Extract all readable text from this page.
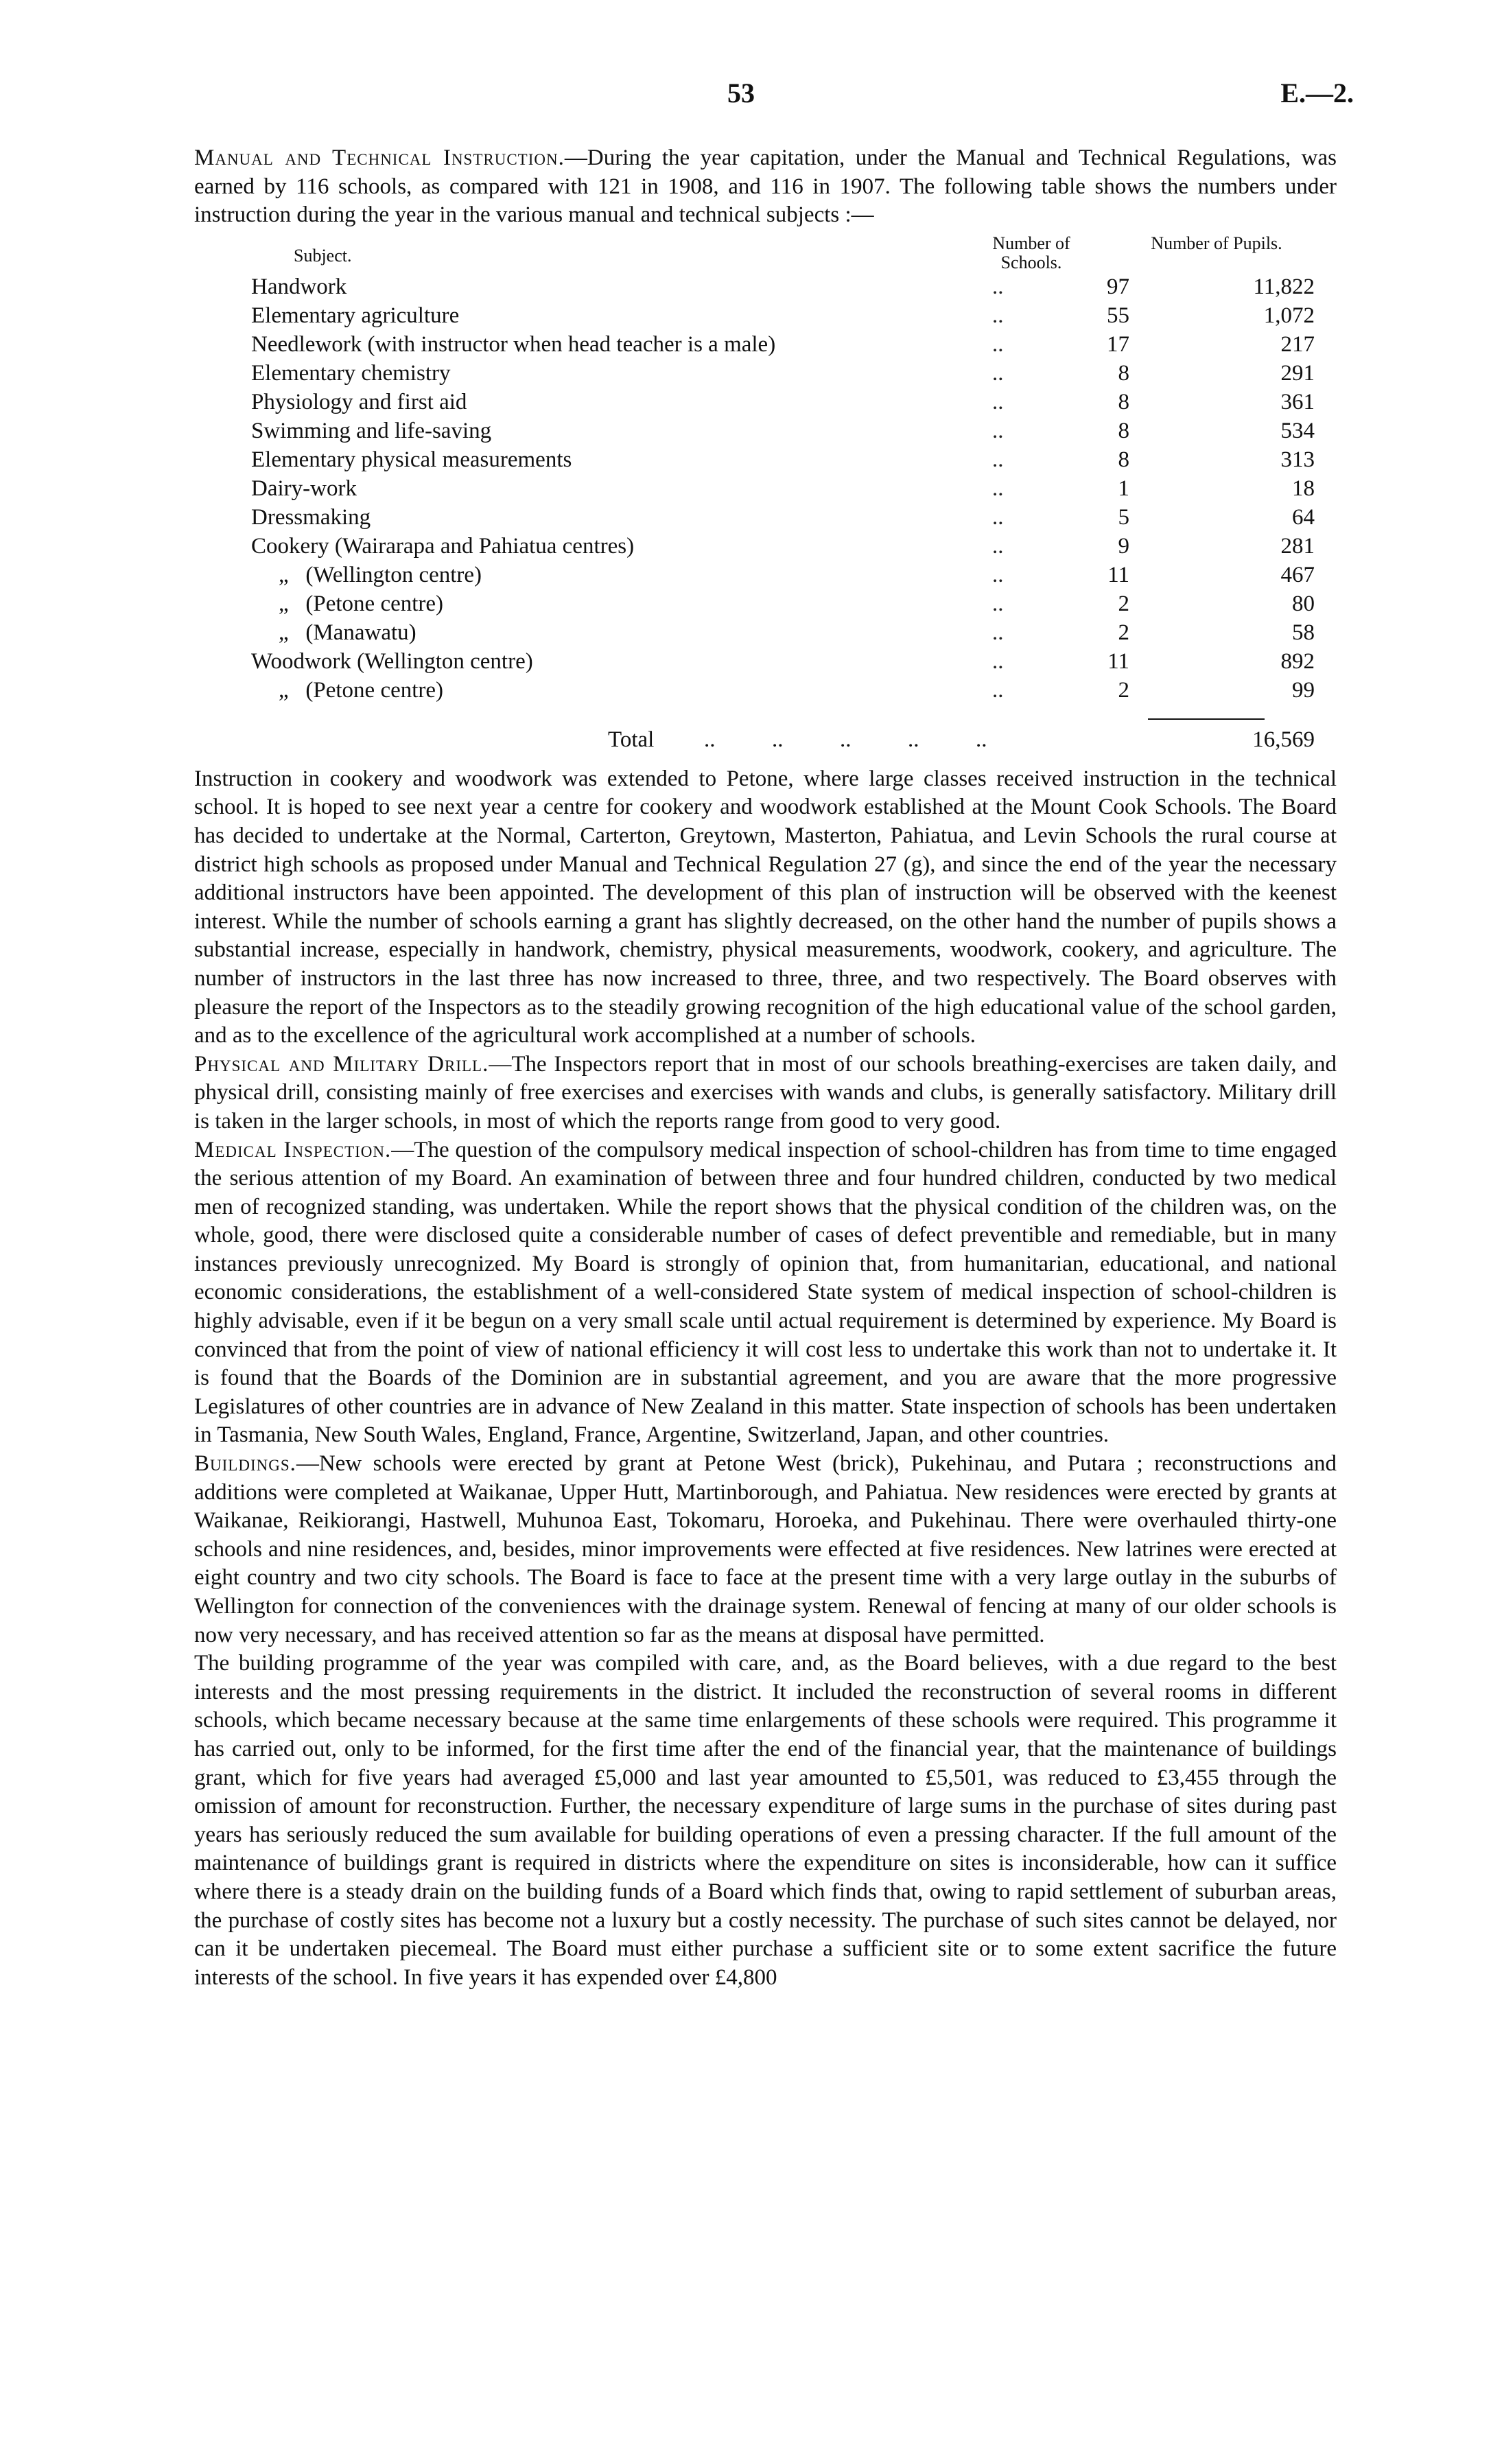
53	E.—2.

Manual and Technical Instruction.—During the year capitation, under the Manual and Technical Regulations, was earned by 116 schools, as compared with 121 in 1908, and 116 in 1907. The following table shows the numbers under instruction during the year in the various manual and technical subjects :—

Subject.
Number of Schools.
Number of Pupils.
Handwork	..	97	11,822
Elementary agriculture	..	55	1,072
Needlework (with instructor when head teacher is a male)	..	17	217
Elementary chemistry	..	8	291
Physiology and first aid	..	8	361
Swimming and life-saving	..	8	534
Elementary physical measurements	..	8	313
Dairy-work	..	1	18
Dressmaking	..	5	64
Cookery (Wairarapa and Pahiatua centres)	..	9	281
„   (Wellington centre)	..	11	467
„   (Petone centre)	..	2	80
„   (Manawatu)	..	2	58
Woodwork (Wellington centre)	..	11	892
„   (Petone centre)	..	2	99
Total ..          ..          ..          ..          ..	16,569

Instruction in cookery and woodwork was extended to Petone, where large classes received instruction in the technical school. It is hoped to see next year a centre for cookery and woodwork established at the Mount Cook Schools. The Board has decided to undertake at the Normal, Carterton, Greytown, Masterton, Pahiatua, and Levin Schools the rural course at district high schools as proposed under Manual and Technical Regulation 27 (g), and since the end of the year the necessary additional instructors have been appointed. The development of this plan of instruction will be observed with the keenest interest. While the number of schools earning a grant has slightly decreased, on the other hand the number of pupils shows a substantial increase, especially in handwork, chemistry, physical measurements, woodwork, cookery, and agriculture. The number of instructors in the last three has now increased to three, three, and two respectively. The Board observes with pleasure the report of the Inspectors as to the steadily growing recognition of the high educational value of the school garden, and as to the excellence of the agricultural work accomplished at a number of schools.

Physical and Military Drill.—The Inspectors report that in most of our schools breathing-exercises are taken daily, and physical drill, consisting mainly of free exercises and exercises with wands and clubs, is generally satisfactory. Military drill is taken in the larger schools, in most of which the reports range from good to very good.

Medical Inspection.—The question of the compulsory medical inspection of school-children has from time to time engaged the serious attention of my Board. An examination of between three and four hundred children, conducted by two medical men of recognized standing, was undertaken. While the report shows that the physical condition of the children was, on the whole, good, there were disclosed quite a considerable number of cases of defect preventible and remediable, but in many instances previously unrecognized. My Board is strongly of opinion that, from humanitarian, educational, and national economic considerations, the establishment of a well-considered State system of medical inspection of school-children is highly advisable, even if it be begun on a very small scale until actual requirement is determined by experience. My Board is convinced that from the point of view of national efficiency it will cost less to undertake this work than not to undertake it. It is found that the Boards of the Dominion are in substantial agreement, and you are aware that the more progressive Legislatures of other countries are in advance of New Zealand in this matter. State inspection of schools has been undertaken in Tasmania, New South Wales, England, France, Argentine, Switzerland, Japan, and other countries.

Buildings.—New schools were erected by grant at Petone West (brick), Pukehinau, and Putara ; reconstructions and additions were completed at Waikanae, Upper Hutt, Martinborough, and Pahiatua. New residences were erected by grants at Waikanae, Reikiorangi, Hastwell, Muhunoa East, Tokomaru, Horoeka, and Pukehinau. There were overhauled thirty-one schools and nine residences, and, besides, minor improvements were effected at five residences. New latrines were erected at eight country and two city schools. The Board is face to face at the present time with a very large outlay in the suburbs of Wellington for connection of the conveniences with the drainage system. Renewal of fencing at many of our older schools is now very necessary, and has received attention so far as the means at disposal have permitted.

The building programme of the year was compiled with care, and, as the Board believes, with a due regard to the best interests and the most pressing requirements in the district. It included the reconstruction of several rooms in different schools, which became necessary because at the same time enlargements of these schools were required. This programme it has carried out, only to be informed, for the first time after the end of the financial year, that the maintenance of buildings grant, which for five years had averaged £5,000 and last year amounted to £5,501, was reduced to £3,455 through the omission of amount for reconstruction. Further, the necessary expenditure of large sums in the purchase of sites during past years has seriously reduced the sum available for building operations of even a pressing character. If the full amount of the maintenance of buildings grant is required in districts where the expenditure on sites is inconsiderable, how can it suffice where there is a steady drain on the building funds of a Board which finds that, owing to rapid settlement of suburban areas, the purchase of costly sites has become not a luxury but a costly necessity. The purchase of such sites cannot be delayed, nor can it be undertaken piecemeal. The Board must either purchase a sufficient site or to some extent sacrifice the future interests of the school. In five years it has expended over £4,800
